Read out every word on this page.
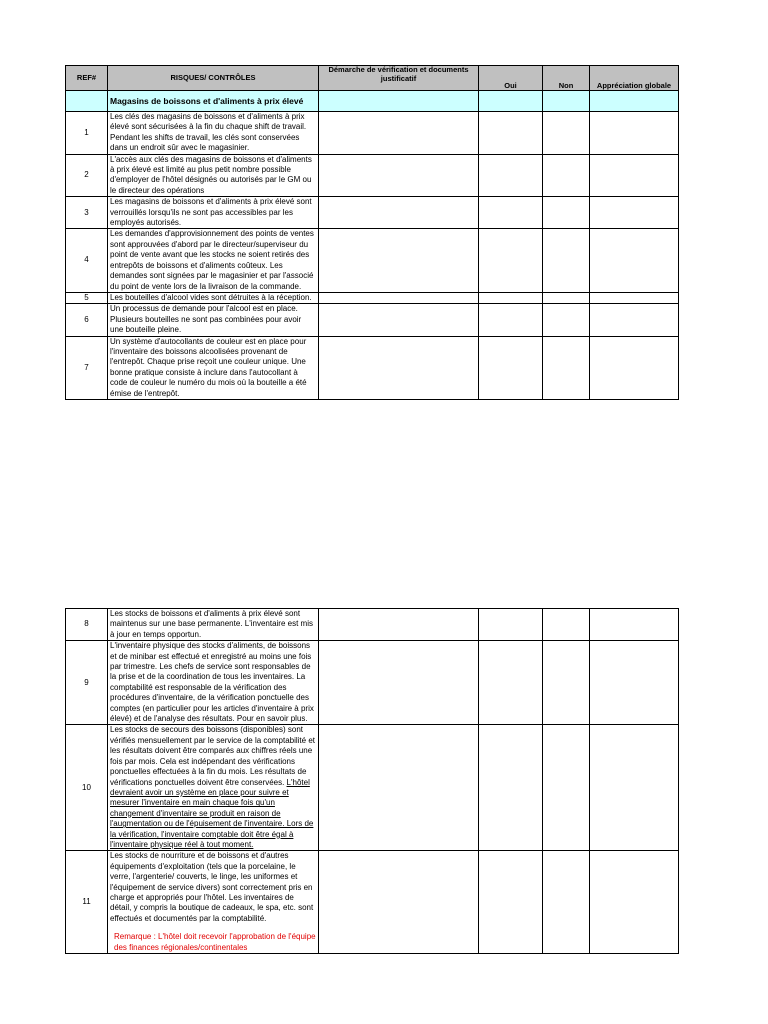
REF#	RISQUES/ CONTRÔLES	Démarche de vérification et documents justificatif	Oui	Non	Appréciation globale
	Magasins de boissons et d'aliments à prix élevé				
1	Les clés des magasins de boissons et d'aliments à prix élevé sont sécurisées à la fin du chaque shift de travail. Pendant les shifts de travail, les clés sont conservées dans un endroit sûr avec le magasinier.				
2	L'accès aux clés des magasins de boissons et d'aliments à prix élevé est limité au plus petit nombre possible d'employer de l'hôtel désignés ou autorisés par le GM ou le directeur des opérations				
3	Les magasins de boissons et d'aliments à prix élevé sont verrouillés lorsqu'ils ne sont pas accessibles par les employés autorisés.				
4	Les demandes d'approvisionnement des points de ventes sont approuvées d'abord par le directeur/superviseur du point de vente avant que les stocks ne soient retirés des entrepôts de boissons et d'aliments coûteux. Les demandes sont signées par le magasinier et par l'associé du point de vente lors de la livraison de la commande.				
5	Les bouteilles d'alcool vides sont détruites à la réception.				
6	Un processus de demande pour l'alcool est en place. Plusieurs bouteilles ne sont pas combinées pour avoir une bouteille pleine.				
7	Un système d'autocollants de couleur est en place pour l'inventaire des boissons alcoolisées provenant de l'entrepôt. Chaque prise reçoit une couleur unique. Une bonne pratique consiste à inclure dans l'autocollant à code de couleur le numéro du mois où la bouteille a été émise de l'entrepôt.				
8	Les stocks de boissons et d'aliments à prix élevé sont maintenus sur une base permanente. L'inventaire est mis à jour en temps opportun.				
9	L'inventaire physique des stocks d'aliments, de boissons et de minibar est effectué et enregistré au moins une fois par trimestre. Les chefs de service sont responsables de la prise et de la coordination de tous les inventaires. La comptabilité est responsable de la vérification des procédures d'inventaire, de la vérification ponctuelle des comptes (en particulier pour les articles d'inventaire à prix élevé) et de l'analyse des résultats. Pour en savoir plus.				
10	Les stocks de secours des boissons (disponibles) sont vérifiés mensuellement par le service de la comptabilité et les résultats doivent être comparés aux chiffres réels une fois par mois. Cela est indépendant des vérifications ponctuelles effectuées à la fin du mois. Les résultats de vérifications ponctuelles doivent être conservées. L'hôtel devraient avoir un système en place pour suivre et mesurer l'inventaire en main chaque fois qu'un changement d'inventaire se produit en raison de l'augmentation ou de l'épuisement de l'inventaire. Lors de la vérification, l'inventaire comptable doit être égal à l'inventaire physique réel à tout moment.				
11	Les stocks de nourriture et de boissons et d'autres équipements d'exploitation (tels que la porcelaine, le verre, l'argenterie/ couverts, le linge, les uniformes et l'équipement de service divers) sont correctement pris en charge et appropriés pour l'hôtel. Les inventaires de détail, y compris la boutique de cadeaux, le spa, etc. sont effectués et documentés par la comptabilité.
Remarque : L'hôtel doit recevoir l'approbation de l'équipe des finances régionales/continentales				
